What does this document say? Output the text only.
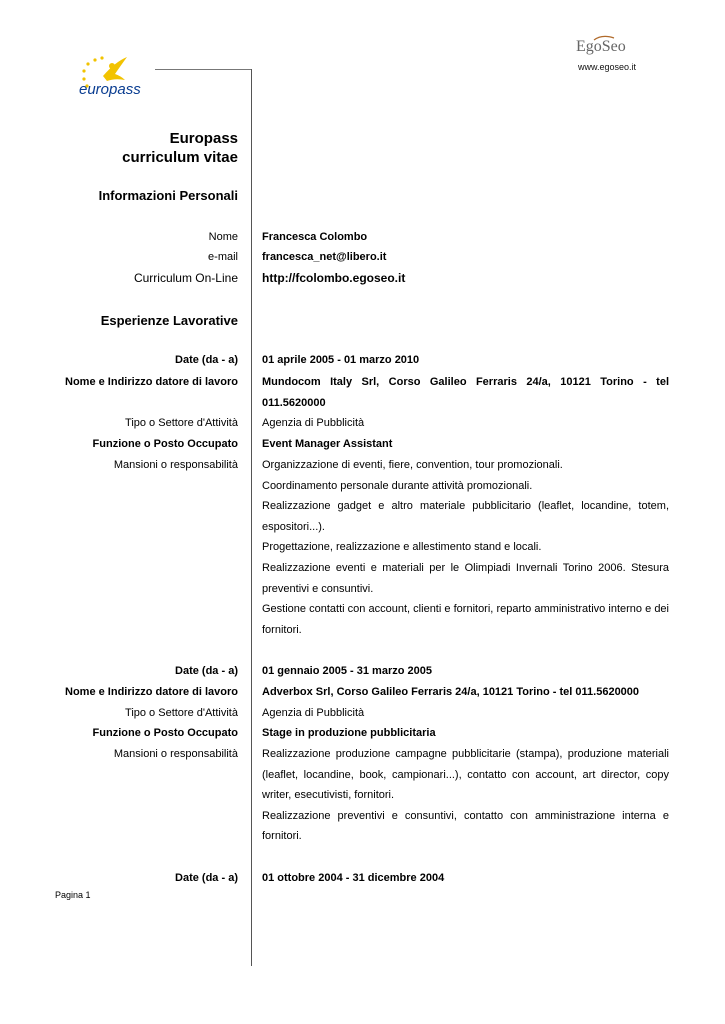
EgoSeo
www.egoseo.it
europass
Europass
curriculum vitae
Informazioni Personali
Nome Francesca Colombo
e-mail francesca_net@libero.it
Curriculum On-Line http://fcolombo.egoseo.it
Esperienze Lavorative
Date (da - a) 01 aprile 2005 - 01 marzo 2010
Nome e Indirizzo datore di lavoro Mundocom Italy Srl, Corso Galileo Ferraris 24/a, 10121 Torino - tel 011.5620000
Tipo o Settore d'Attività Agenzia di Pubblicità
Funzione o Posto Occupato Event Manager Assistant
Mansioni o responsabilità Organizzazione di eventi, fiere, convention, tour promozionali.
Coordinamento personale durante attività promozionali.
Realizzazione gadget e altro materiale pubblicitario (leaflet, locandine, totem, espositori...).
Progettazione, realizzazione e allestimento stand e locali.
Realizzazione eventi e materiali per le Olimpiadi Invernali Torino 2006. Stesura preventivi e consuntivi.
Gestione contatti con account, clienti e fornitori, reparto amministrativo interno e dei fornitori.
Date (da - a) 01 gennaio 2005 - 31 marzo 2005
Nome e Indirizzo datore di lavoro Adverbox Srl, Corso Galileo Ferraris 24/a, 10121 Torino - tel 011.5620000
Tipo o Settore d'Attività Agenzia di Pubblicità
Funzione o Posto Occupato Stage in produzione pubblicitaria
Mansioni o responsabilità Realizzazione produzione campagne pubblicitarie (stampa), produzione materiali (leaflet, locandine, book, campionari...), contatto con account, art director, copy writer, esecutivisti, fornitori.
Realizzazione preventivi e consuntivi, contatto con amministrazione interna e fornitori.
Date (da - a) 01 ottobre 2004 - 31 dicembre 2004
Pagina 1
